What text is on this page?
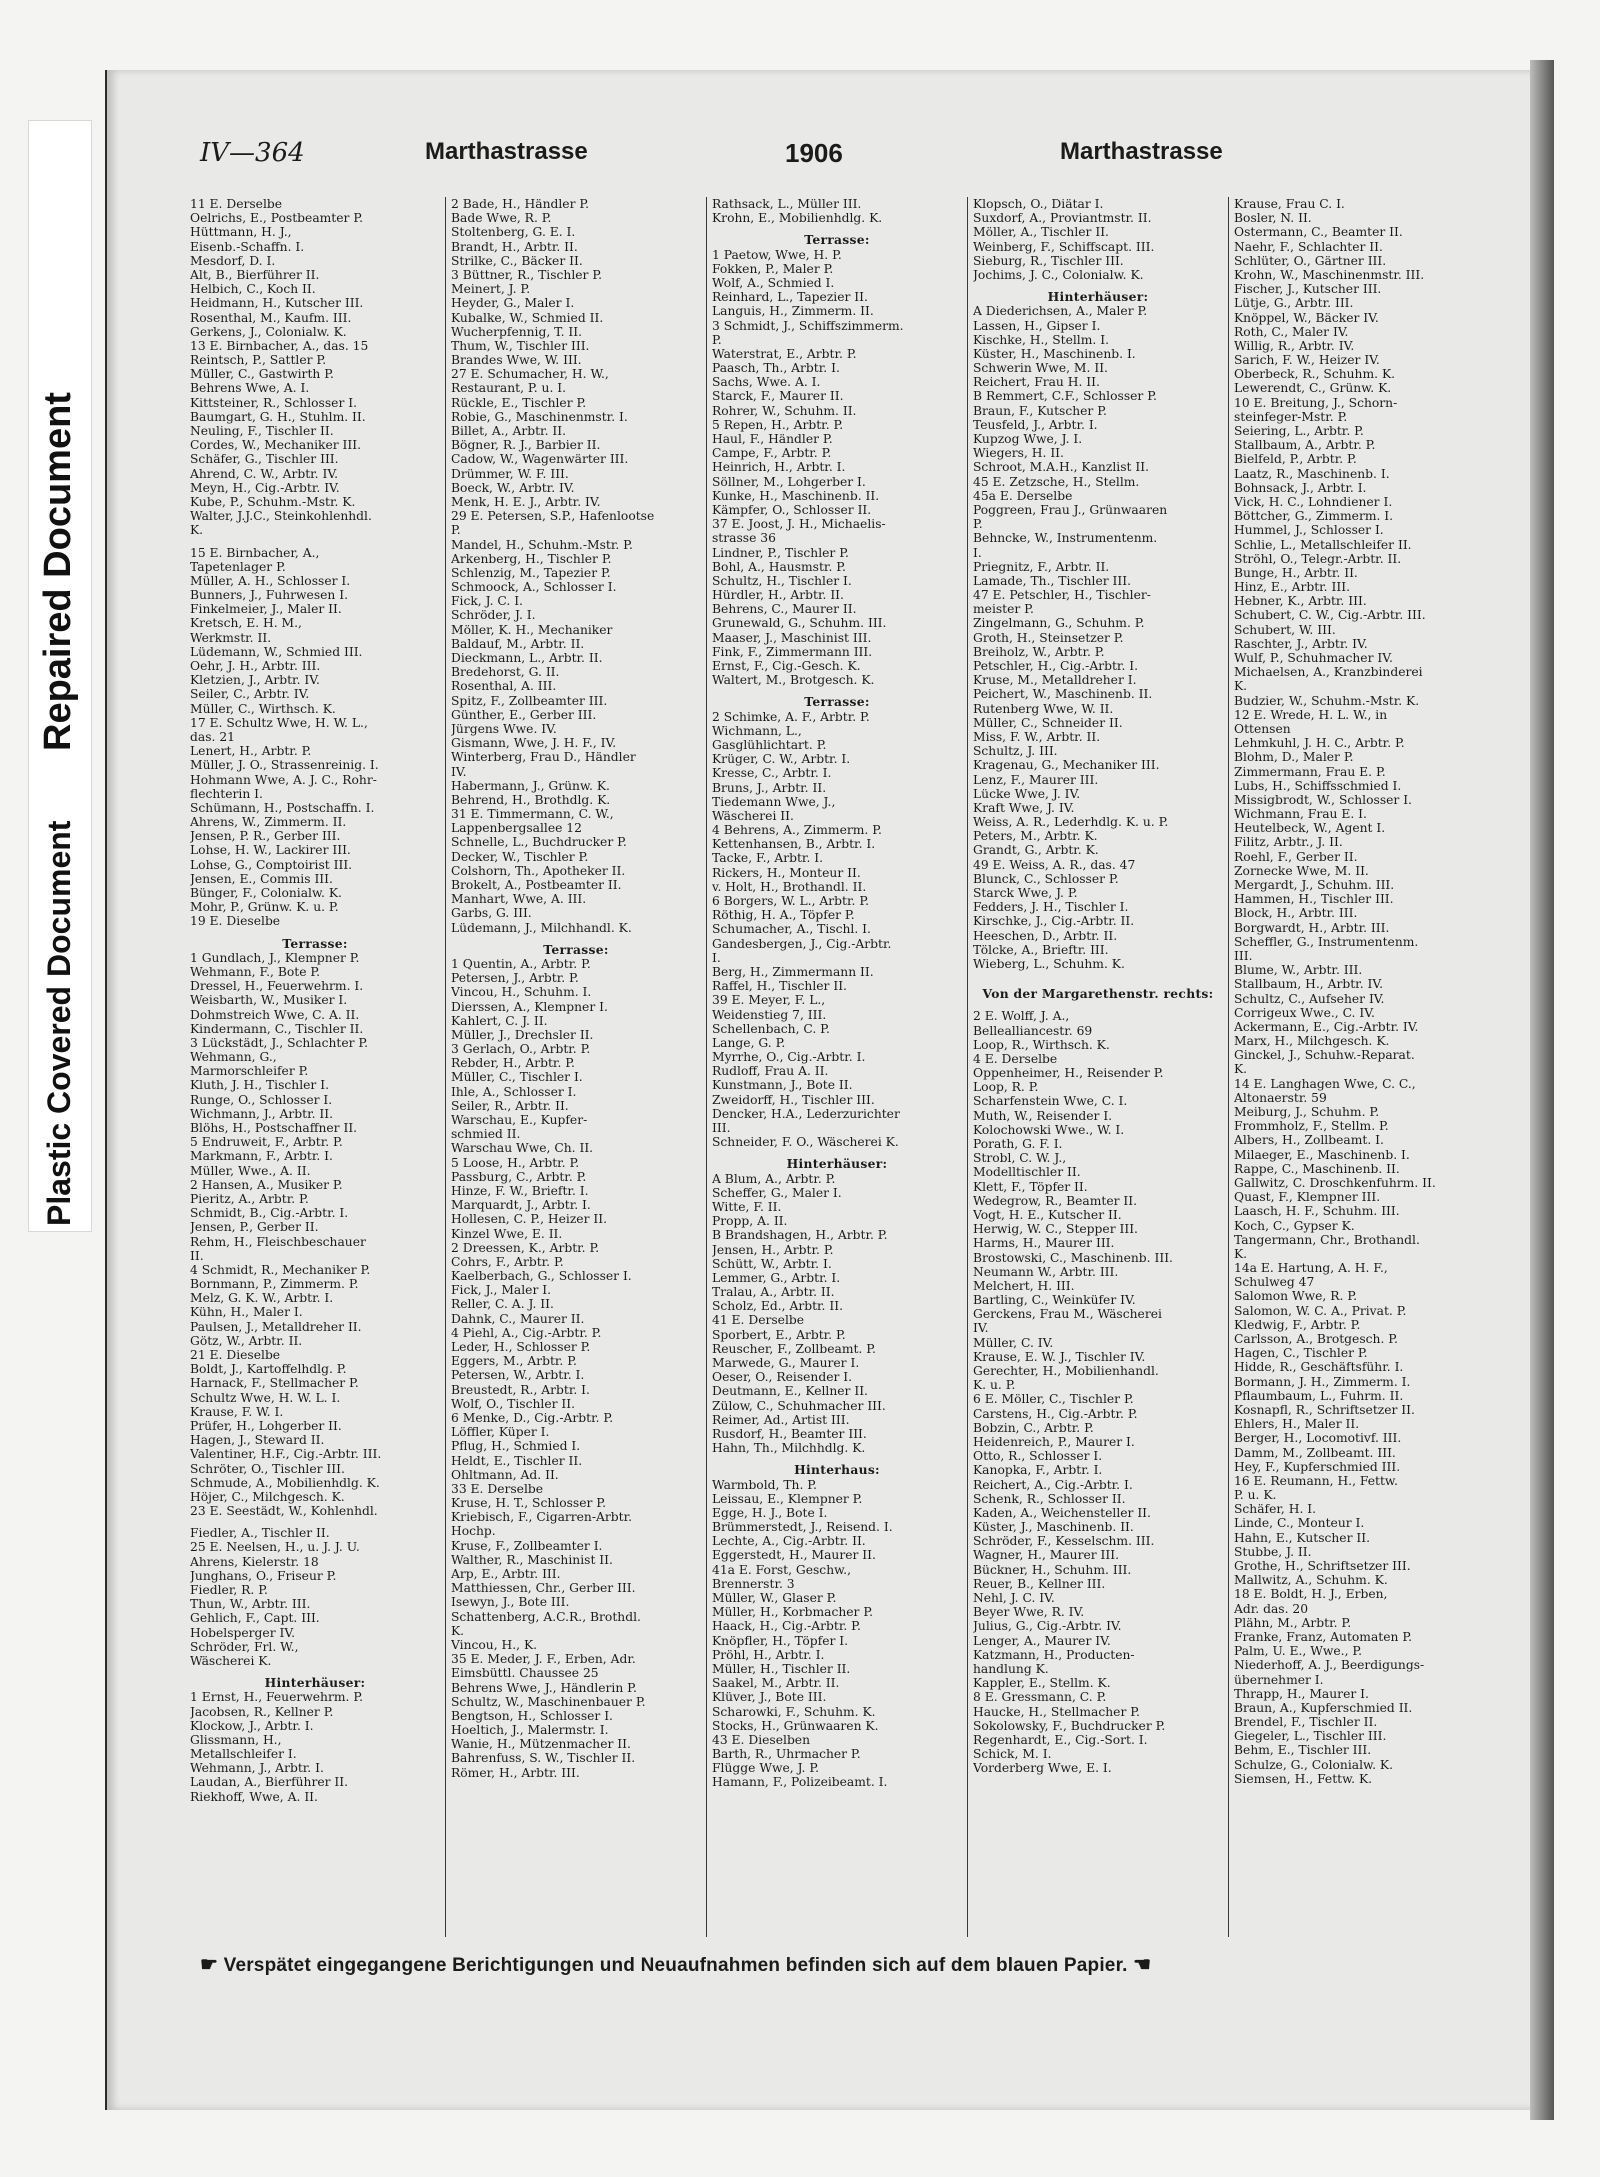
Repaired Document
Plastic Covered Document
IV—364	Marthastrasse	1906	Marthastrasse
11 E. Derselbe
Oelrichs, E., Postbeamter P.
Hüttmann, H. J.,
Eisenb.-Schaffn. I.
Mesdorf, D. I.
Alt, B., Bierführer II.
Helbich, C., Koch II.
Heidmann, H., Kutscher III.
Rosenthal, M., Kaufm. III.
Gerkens, J., Colonialw. K.
13 E. Birnbacher, A., das. 15
Reintsch, P., Sattler P.
Müller, C., Gastwirth P.
Behrens Wwe, A. I.
Kittsteiner, R., Schlosser I.
Baumgart, G. H., Stuhlm. II.
Neuling, F., Tischler II.
Cordes, W., Mechaniker III.
Schäfer, G., Tischler III.
Ahrend, C. W., Arbtr. IV.
Meyn, H., Cig.-Arbtr. IV.
Kube, P., Schuhm.-Mstr. K.
Walter, J.J.C., Steinkohlenhdl.
K.
15 E. Birnbacher, A.,
Tapetenlager P.
Müller, A. H., Schlosser I.
Bunners, J., Fuhrwesen I.
Finkelmeier, J., Maler II.
Kretsch, E. H. M.,
Werkmstr. II.
Lüdemann, W., Schmied III.
Oehr, J. H., Arbtr. III.
Kletzien, J., Arbtr. IV.
Seiler, C., Arbtr. IV.
Müller, C., Wirthsch. K.
17 E. Schultz Wwe, H. W. L.,
das. 21
Lenert, H., Arbtr. P.
Müller, J. O., Strassenreinig. I.
Hohmann Wwe, A. J. C., Rohr-
flechterin I.
Schümann, H., Postschaffn. I.
Ahrens, W., Zimmerm. II.
Jensen, P. R., Gerber III.
Lohse, H. W., Lackirer III.
Lohse, G., Comptoirist III.
Jensen, E., Commis III.
Bünger, F., Colonialw. K.
Mohr, P., Grünw. K. u. P.
19 E. Dieselbe
Terrasse:
1 Gundlach, J., Klempner P.
Wehmann, F., Bote P.
Dressel, H., Feuerwehrm. I.
Weisbarth, W., Musiker I.
Dohmstreich Wwe, C. A. II.
Kindermann, C., Tischler II.
3 Lückstädt, J., Schlachter P.
Wehmann, G.,
Marmorschleifer P.
Kluth, J. H., Tischler I.
Runge, O., Schlosser I.
Wichmann, J., Arbtr. II.
Blöhs, H., Postschaffner II.
5 Endruweit, F., Arbtr. P.
Markmann, F., Arbtr. I.
Müller, Wwe., A. II.
2 Hansen, A., Musiker P.
Pieritz, A., Arbtr. P.
Schmidt, B., Cig.-Arbtr. I.
Jensen, P., Gerber II.
Rehm, H., Fleischbeschauer
II.
4 Schmidt, R., Mechaniker P.
Bornmann, P., Zimmerm. P.
Melz, G. K. W., Arbtr. I.
Kühn, H., Maler I.
Paulsen, J., Metalldreher II.
Götz, W., Arbtr. II.
21 E. Dieselbe
Boldt, J., Kartoffelhdlg. P.
Harnack, F., Stellmacher P.
Schultz Wwe, H. W. L. I.
Krause, F. W. I.
Prüfer, H., Lohgerber II.
Hagen, J., Steward II.
Valentiner, H.F., Cig.-Arbtr. III.
Schröter, O., Tischler III.
Schmude, A., Mobilienhdlg. K.
Höjer, C., Milchgesch. K.
23 E. Seestädt, W., Kohlenhdl.
Fiedler, A., Tischler II.
25 E. Neelsen, H., u. J. J. U.
Ahrens, Kielerstr. 18
Junghans, O., Friseur P.
Fiedler, R. P.
Thun, W., Arbtr. III.
Gehlich, F., Capt. III.
Hobelsperger IV.
Schröder, Frl. W.,
Wäscherei K.
Hinterhäuser:
1 Ernst, H., Feuerwehrm. P.
Jacobsen, R., Kellner P.
Klockow, J., Arbtr. I.
Glissmann, H.,
Metallschleifer I.
Wehmann, J., Arbtr. I.
Laudan, A., Bierführer II.
Riekhoff, Wwe, A. II.
2 Bade, H., Händler P.
Bade Wwe, R. P.
Stoltenberg, G. E. I.
Brandt, H., Arbtr. II.
Strilke, C., Bäcker II.
3 Büttner, R., Tischler P.
Meinert, J. P.
Heyder, G., Maler I.
Kubalke, W., Schmied II.
Wucherpfennig, T. II.
Thum, W., Tischler III.
Brandes Wwe, W. III.
27 E. Schumacher, H. W.,
Restaurant, P. u. I.
Rückle, E., Tischler P.
Robie, G., Maschinenmstr. I.
Billet, A., Arbtr. II.
Bögner, R. J., Barbier II.
Cadow, W., Wagenwärter III.
Drümmer, W. F. III.
Boeck, W., Arbtr. IV.
Menk, H. E. J., Arbtr. IV.
29 E. Petersen, S.P., Hafenlootse
P.
Mandel, H., Schuhm.-Mstr. P.
Arkenberg, H., Tischler P.
Schlenzig, M., Tapezier P.
Schmoock, A., Schlosser I.
Fick, J. C. I.
Schröder, J. I.
Möller, K. H., Mechaniker
Baldauf, M., Arbtr. II.
Dieckmann, L., Arbtr. II.
Bredehorst, G. II.
Rosenthal, A. III.
Spitz, F., Zollbeamter III.
Günther, E., Gerber III.
Jürgens Wwe. IV.
Gismann, Wwe, J. H. F., IV.
Winterberg, Frau D., Händler
IV.
Habermann, J., Grünw. K.
Behrend, H., Brothdlg. K.
31 E. Timmermann, C. W.,
Lappenbergsallee 12
Schnelle, L., Buchdrucker P.
Decker, W., Tischler P.
Colshorn, Th., Apotheker II.
Brokelt, A., Postbeamter II.
Manhart, Wwe, A. III.
Garbs, G. III.
Lüdemann, J., Milchhandl. K.
Terrasse:
1 Quentin, A., Arbtr. P.
Petersen, J., Arbtr. P.
Vincou, H., Schuhm. I.
Dierssen, A., Klempner I.
Kahlert, C. J. II.
Müller, J., Drechsler II.
3 Gerlach, O., Arbtr. P.
Rebder, H., Arbtr. P.
Müller, C., Tischler I.
Ihle, A., Schlosser I.
Seiler, R., Arbtr. II.
Warschau, E., Kupfer-
schmied II.
Warschau Wwe, Ch. II.
5 Loose, H., Arbtr. P.
Passburg, C., Arbtr. P.
Hinze, F. W., Brieftr. I.
Marquardt, J., Arbtr. I.
Hollesen, C. P., Heizer II.
Kinzel Wwe, E. II.
2 Dreessen, K., Arbtr. P.
Cohrs, F., Arbtr. P.
Kaelberbach, G., Schlosser I.
Fick, J., Maler I.
Reller, C. A. J. II.
Dahnk, C., Maurer II.
4 Piehl, A., Cig.-Arbtr. P.
Leder, H., Schlosser P.
Eggers, M., Arbtr. P.
Petersen, W., Arbtr. I.
Breustedt, R., Arbtr. I.
Wolf, O., Tischler II.
6 Menke, D., Cig.-Arbtr. P.
Löffler, Küper I.
Pflug, H., Schmied I.
Heldt, E., Tischler II.
Ohltmann, Ad. II.
33 E. Derselbe
Kruse, H. T., Schlosser P.
Kriebisch, F., Cigarren-Arbtr.
Hochp.
Kruse, F., Zollbeamter I.
Walther, R., Maschinist II.
Arp, E., Arbtr. III.
Matthiessen, Chr., Gerber III.
Isewyn, J., Bote III.
Schattenberg, A.C.R., Brothdl.
K.
Vincou, H., K.
35 E. Meder, J. F., Erben, Adr.
Eimsbüttl. Chaussee 25
Behrens Wwe, J., Händlerin P.
Schultz, W., Maschinenbauer P.
Bengtson, H., Schlosser I.
Hoeltich, J., Malermstr. I.
Wanie, H., Mützenmacher II.
Bahrenfuss, S. W., Tischler II.
Römer, H., Arbtr. III.
Rathsack, L., Müller III.
Krohn, E., Mobilienhdlg. K.
Terrasse:
1 Paetow, Wwe, H. P.
Fokken, P., Maler P.
Wolf, A., Schmied I.
Reinhard, L., Tapezier II.
Languis, H., Zimmerm. II.
3 Schmidt, J., Schiffszimmerm.
P.
Waterstrat, E., Arbtr. P.
Paasch, Th., Arbtr. I.
Sachs, Wwe. A. I.
Starck, F., Maurer II.
Rohrer, W., Schuhm. II.
5 Repen, H., Arbtr. P.
Haul, F., Händler P.
Campe, F., Arbtr. P.
Heinrich, H., Arbtr. I.
Söllner, M., Lohgerber I.
Kunke, H., Maschinenb. II.
Kämpfer, O., Schlosser II.
37 E. Joost, J. H., Michaelis-
strasse 36
Lindner, P., Tischler P.
Bohl, A., Hausmstr. P.
Schultz, H., Tischler I.
Hürdler, H., Arbtr. II.
Behrens, C., Maurer II.
Grunewald, G., Schuhm. III.
Maaser, J., Maschinist III.
Fink, F., Zimmermann III.
Ernst, F., Cig.-Gesch. K.
Waltert, M., Brotgesch. K.
Terrasse:
2 Schimke, A. F., Arbtr. P.
Wichmann, L.,
Gasglühlichtart. P.
Krüger, C. W., Arbtr. I.
Kresse, C., Arbtr. I.
Bruns, J., Arbtr. II.
Tiedemann Wwe, J.,
Wäscherei II.
4 Behrens, A., Zimmerm. P.
Kettenhansen, B., Arbtr. I.
Tacke, F., Arbtr. I.
Rickers, H., Monteur II.
v. Holt, H., Brothandl. II.
6 Borgers, W. L., Arbtr. P.
Röthig, H. A., Töpfer P.
Schumacher, A., Tischl. I.
Gandesbergen, J., Cig.-Arbtr.
I.
Berg, H., Zimmermann II.
Raffel, H., Tischler II.
39 E. Meyer, F. L.,
Weidenstieg 7, III.
Schellenbach, C. P.
Lange, G. P.
Myrrhe, O., Cig.-Arbtr. I.
Rudloff, Frau A. II.
Kunstmann, J., Bote II.
Zweidorff, H., Tischler III.
Dencker, H.A., Lederzurichter
III.
Schneider, F. O., Wäscherei K.
Hinterhäuser:
A Blum, A., Arbtr. P.
Scheffer, G., Maler I.
Witte, F. II.
Propp, A. II.
B Brandshagen, H., Arbtr. P.
Jensen, H., Arbtr. P.
Schütt, W., Arbtr. I.
Lemmer, G., Arbtr. I.
Tralau, A., Arbtr. II.
Scholz, Ed., Arbtr. II.
41 E. Derselbe
Sporbert, E., Arbtr. P.
Reuscher, F., Zollbeamt. P.
Marwede, G., Maurer I.
Oeser, O., Reisender I.
Deutmann, E., Kellner II.
Zülow, C., Schuhmacher III.
Reimer, Ad., Artist III.
Rusdorf, H., Beamter III.
Hahn, Th., Milchhdlg. K.
Hinterhaus:
Warmbold, Th. P.
Leissau, E., Klempner P.
Egge, H. J., Bote I.
Brümmerstedt, J., Reisend. I.
Lechte, A., Cig.-Arbtr. II.
Eggerstedt, H., Maurer II.
41a E. Forst, Geschw.,
Brennerstr. 3
Müller, W., Glaser P.
Müller, H., Korbmacher P.
Haack, H., Cig.-Arbtr. P.
Knöpfler, H., Töpfer I.
Pröhl, H., Arbtr. I.
Müller, H., Tischler II.
Saakel, M., Arbtr. II.
Klüver, J., Bote III.
Scharowki, F., Schuhm. K.
Stocks, H., Grünwaaren K.
43 E. Dieselben
Barth, R., Uhrmacher P.
Flügge Wwe, J. P.
Hamann, F., Polizeibeamt. I.
Klopsch, O., Diätar I.
Suxdorf, A., Proviantmstr. II.
Möller, A., Tischler II.
Weinberg, F., Schiffscapt. III.
Sieburg, R., Tischler III.
Jochims, J. C., Colonialw. K.
Hinterhäuser:
A Diederichsen, A., Maler P.
Lassen, H., Gipser I.
Kischke, H., Stellm. I.
Küster, H., Maschinenb. I.
Schwerin Wwe, M. II.
Reichert, Frau H. II.
B Remmert, C.F., Schlosser P.
Braun, F., Kutscher P.
Teusfeld, J., Arbtr. I.
Kupzog Wwe, J. I.
Wiegers, H. II.
Schroot, M.A.H., Kanzlist II.
45 E. Zetzsche, H., Stellm.
45a E. Derselbe
Poggreen, Frau J., Grünwaaren
P.
Behncke, W., Instrumentenm.
I.
Priegnitz, F., Arbtr. II.
Lamade, Th., Tischler III.
47 E. Petschler, H., Tischler-
meister P.
Zingelmann, G., Schuhm. P.
Groth, H., Steinsetzer P.
Breiholz, W., Arbtr. P.
Petschler, H., Cig.-Arbtr. I.
Kruse, M., Metalldreher I.
Peichert, W., Maschinenb. II.
Rutenberg Wwe, W. II.
Müller, C., Schneider II.
Miss, F. W., Arbtr. II.
Schultz, J. III.
Kragenau, G., Mechaniker III.
Lenz, F., Maurer III.
Lücke Wwe, J. IV.
Kraft Wwe, J. IV.
Weiss, A. R., Lederhdlg. K. u. P.
Peters, M., Arbtr. K.
Grandt, G., Arbtr. K.
49 E. Weiss, A. R., das. 47
Blunck, C., Schlosser P.
Starck Wwe, J. P.
Fedders, J. H., Tischler I.
Kirschke, J., Cig.-Arbtr. II.
Heeschen, D., Arbtr. II.
Tölcke, A., Brieftr. III.
Wieberg, L., Schuhm. K.
Von der Margarethenstr. rechts:
2 E. Wolff, J. A.,
Bellealliancestr. 69
Loop, R., Wirthsch. K.
4 E. Derselbe
Oppenheimer, H., Reisender P.
Loop, R. P.
Scharfenstein Wwe, C. I.
Muth, W., Reisender I.
Kolochowski Wwe., W. I.
Porath, G. F. I.
Strobl, C. W. J.,
Modelltischler II.
Klett, F., Töpfer II.
Wedegrow, R., Beamter II.
Vogt, H. E., Kutscher II.
Herwig, W. C., Stepper III.
Harms, H., Maurer III.
Brostowski, C., Maschinenb. III.
Neumann W., Arbtr. III.
Melchert, H. III.
Bartling, C., Weinküfer IV.
Gerckens, Frau M., Wäscherei
IV.
Müller, C. IV.
Krause, E. W. J., Tischler IV.
Gerechter, H., Mobilienhandl.
K. u. P.
6 E. Möller, C., Tischler P.
Carstens, H., Cig.-Arbtr. P.
Bobzin, C., Arbtr. P.
Heidenreich, P., Maurer I.
Otto, R., Schlosser I.
Kanopka, F., Arbtr. I.
Reichert, A., Cig.-Arbtr. I.
Schenk, R., Schlosser II.
Kaden, A., Weichensteller II.
Küster, J., Maschinenb. II.
Schröder, F., Kesselschm. III.
Wagner, H., Maurer III.
Bückner, H., Schuhm. III.
Reuer, B., Kellner III.
Nehl, J. C. IV.
Beyer Wwe, R. IV.
Julius, G., Cig.-Arbtr. IV.
Lenger, A., Maurer IV.
Katzmann, H., Producten-
handlung K.
Kappler, E., Stellm. K.
8 E. Gressmann, C. P.
Haucke, H., Stellmacher P.
Sokolowsky, F., Buchdrucker P.
Regenhardt, E., Cig.-Sort. I.
Schick, M. I.
Vorderberg Wwe, E. I.
Krause, Frau C. I.
Bosler, N. II.
Ostermann, C., Beamter II.
Naehr, F., Schlachter II.
Schlüter, O., Gärtner III.
Krohn, W., Maschinenmstr. III.
Fischer, J., Kutscher III.
Lütje, G., Arbtr. III.
Knöppel, W., Bäcker IV.
Roth, C., Maler IV.
Willig, R., Arbtr. IV.
Sarich, F. W., Heizer IV.
Oberbeck, R., Schuhm. K.
Lewerendt, C., Grünw. K.
10 E. Breitung, J., Schorn-
steinfeger-Mstr. P.
Seiering, L., Arbtr. P.
Stallbaum, A., Arbtr. P.
Bielfeld, P., Arbtr. P.
Laatz, R., Maschinenb. I.
Bohnsack, J., Arbtr. I.
Vick, H. C., Lohndiener I.
Böttcher, G., Zimmerm. I.
Hummel, J., Schlosser I.
Schlie, L., Metallschleifer II.
Ströhl, O., Telegr.-Arbtr. II.
Bunge, H., Arbtr. II.
Hinz, E., Arbtr. III.
Hebner, K., Arbtr. III.
Schubert, C. W., Cig.-Arbtr. III.
Schubert, W. III.
Raschter, J., Arbtr. IV.
Wulf, P., Schuhmacher IV.
Michaelsen, A., Kranzbinderei
K.
Budzier, W., Schuhm.-Mstr. K.
12 E. Wrede, H. L. W., in
Ottensen
Lehmkuhl, J. H. C., Arbtr. P.
Blohm, D., Maler P.
Zimmermann, Frau E. P.
Lubs, H., Schiffsschmied I.
Missigbrodt, W., Schlosser I.
Wichmann, Frau E. I.
Heutelbeck, W., Agent I.
Filitz, Arbtr., J. II.
Roehl, F., Gerber II.
Zornecke Wwe, M. II.
Mergardt, J., Schuhm. III.
Hammen, H., Tischler III.
Block, H., Arbtr. III.
Borgwardt, H., Arbtr. III.
Scheffler, G., Instrumentenm.
III.
Blume, W., Arbtr. III.
Stallbaum, H., Arbtr. IV.
Schultz, C., Aufseher IV.
Corrigeux Wwe., C. IV.
Ackermann, E., Cig.-Arbtr. IV.
Marx, H., Milchgesch. K.
Ginckel, J., Schuhw.-Reparat.
K.
14 E. Langhagen Wwe, C. C.,
Altonaerstr. 59
Meiburg, J., Schuhm. P.
Frommholz, F., Stellm. P.
Albers, H., Zollbeamt. I.
Milaeger, E., Maschinenb. I.
Rappe, C., Maschinenb. II.
Gallwitz, C. Droschkenfuhrm. II.
Quast, F., Klempner III.
Laasch, H. F., Schuhm. III.
Koch, C., Gypser K.
Tangermann, Chr., Brothandl.
K.
14a E. Hartung, A. H. F.,
Schulweg 47
Salomon Wwe, R. P.
Salomon, W. C. A., Privat. P.
Kledwig, F., Arbtr. P.
Carlsson, A., Brotgesch. P.
Hagen, C., Tischler P.
Hidde, R., Geschäftsführ. I.
Bormann, J. H., Zimmerm. I.
Pflaumbaum, L., Fuhrm. II.
Kosnapfl, R., Schriftsetzer II.
Ehlers, H., Maler II.
Berger, H., Locomotivf. III.
Damm, M., Zollbeamt. III.
Hey, F., Kupferschmied III.
16 E. Reumann, H., Fettw.
P. u. K.
Schäfer, H. I.
Linde, C., Monteur I.
Hahn, E., Kutscher II.
Stubbe, J. II.
Grothe, H., Schriftsetzer III.
Mallwitz, A., Schuhm. K.
18 E. Boldt, H. J., Erben,
Adr. das. 20
Plähn, M., Arbtr. P.
Franke, Franz, Automaten P.
Palm, U. E., Wwe., P.
Niederhoff, A. J., Beerdigungs-
übernehmer I.
Thrapp, H., Maurer I.
Braun, A., Kupferschmied II.
Brendel, F., Tischler II.
Giegeler, L., Tischler III.
Behm, E., Tischler III.
Schulze, G., Colonialw. K.
Siemsen, H., Fettw. K.
☛ Verspätet eingegangene Berichtigungen und Neuaufnahmen befinden sich auf dem blauen Papier. ☚
